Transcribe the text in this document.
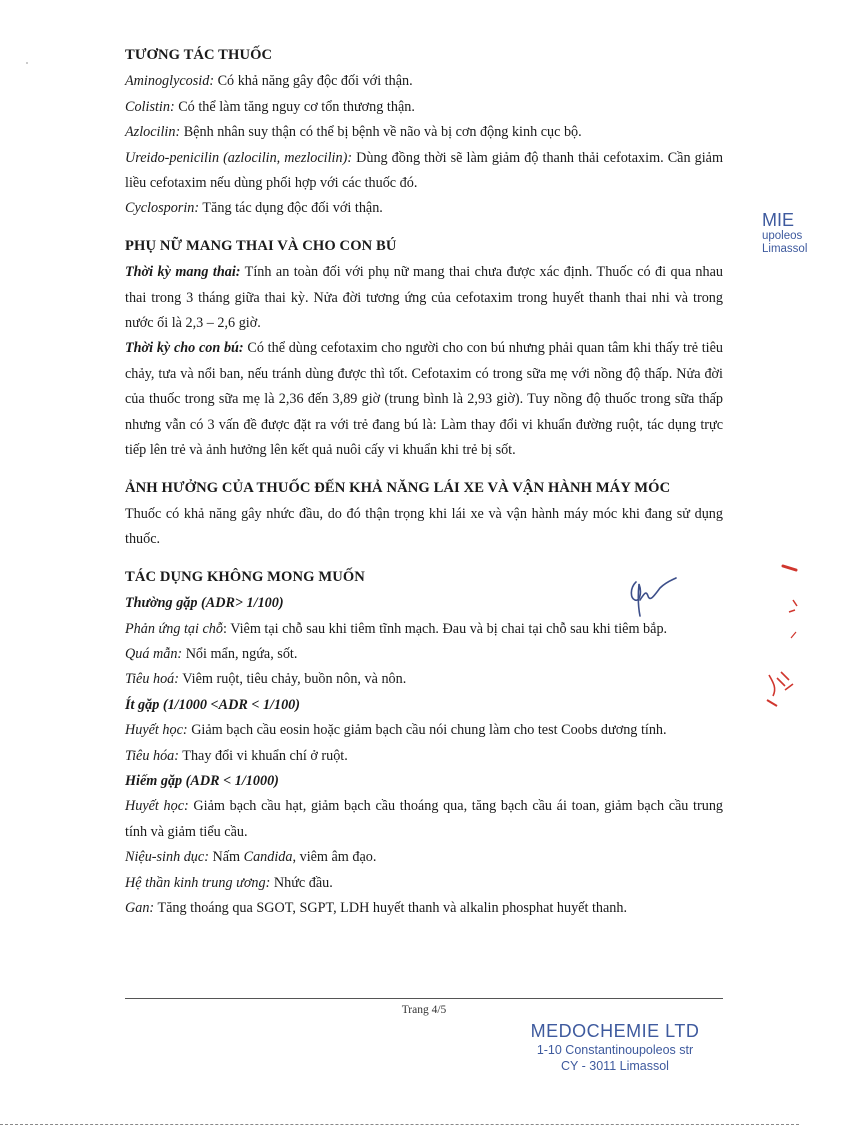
TƯƠNG TÁC THUỐC

Aminoglycosid: Có khả năng gây độc đối với thận.

Colistin: Có thể làm tăng nguy cơ tổn thương thận.

Azlocilin: Bệnh nhân suy thận có thể bị bệnh về não và bị cơn động kinh cục bộ.

Ureido-penicilin (azlocilin, mezlocilin): Dùng đồng thời sẽ làm giảm độ thanh thải cefotaxim. Cần giảm liều cefotaxim nếu dùng phối hợp với các thuốc đó.

Cyclosporin: Tăng tác dụng độc đối với thận.

PHỤ NỮ MANG THAI VÀ CHO CON BÚ

Thời kỳ mang thai: Tính an toàn đối với phụ nữ mang thai chưa được xác định. Thuốc có đi qua nhau thai trong 3 tháng giữa thai kỳ. Nửa đời tương ứng của cefotaxim trong huyết thanh thai nhi và trong nước ối là 2,3 – 2,6 giờ.

Thời kỳ cho con bú: Có thể dùng cefotaxim cho người cho con bú nhưng phải quan tâm khi thấy trẻ tiêu chảy, tưa và nổi ban, nếu tránh dùng được thì tốt. Cefotaxim có trong sữa mẹ với nồng độ thấp. Nửa đời của thuốc trong sữa mẹ là 2,36 đến 3,89 giờ (trung bình là 2,93 giờ). Tuy nồng độ thuốc trong sữa thấp nhưng vẫn có 3 vấn đề được đặt ra với trẻ đang bú là: Làm thay đổi vi khuẩn đường ruột, tác dụng trực tiếp lên trẻ và ảnh hưởng lên kết quả nuôi cấy vi khuẩn khi trẻ bị sốt.

ẢNH HƯỞNG CỦA THUỐC ĐẾN KHẢ NĂNG LÁI XE VÀ VẬN HÀNH MÁY MÓC

Thuốc có khả năng gây nhức đầu, do đó thận trọng khi lái xe và vận hành máy móc khi đang sử dụng thuốc.

TÁC DỤNG KHÔNG MONG MUỐN

Thường gặp (ADR> 1/100)

Phản ứng tại chỗ: Viêm tại chỗ sau khi tiêm tĩnh mạch. Đau và bị chai tại chỗ sau khi tiêm bắp.

Quá mẫn: Nổi mẩn, ngứa, sốt.

Tiêu hoá: Viêm ruột, tiêu chảy, buồn nôn, và nôn.

Ít gặp (1/1000 <ADR < 1/100)

Huyết học: Giảm bạch cầu eosin hoặc giảm bạch cầu nói chung làm cho test Coobs dương tính.

Tiêu hóa: Thay đổi vi khuẩn chí ở ruột.

Hiếm gặp (ADR < 1/1000)

Huyết học: Giảm bạch cầu hạt, giảm bạch cầu thoáng qua, tăng bạch cầu ái toan, giảm bạch cầu trung tính và giảm tiểu cầu.

Niệu-sinh dục: Nấm Candida, viêm âm đạo.

Hệ thần kinh trung ương: Nhức đầu.

Gan: Tăng thoáng qua SGOT, SGPT, LDH huyết thanh và alkalin phosphat huyết thanh.

MIE
upoleos
Limassol
Trang 4/5
MEDOCHEMIE LTD
1-10 Constantinoupoleos str
CY - 3011 Limassol
